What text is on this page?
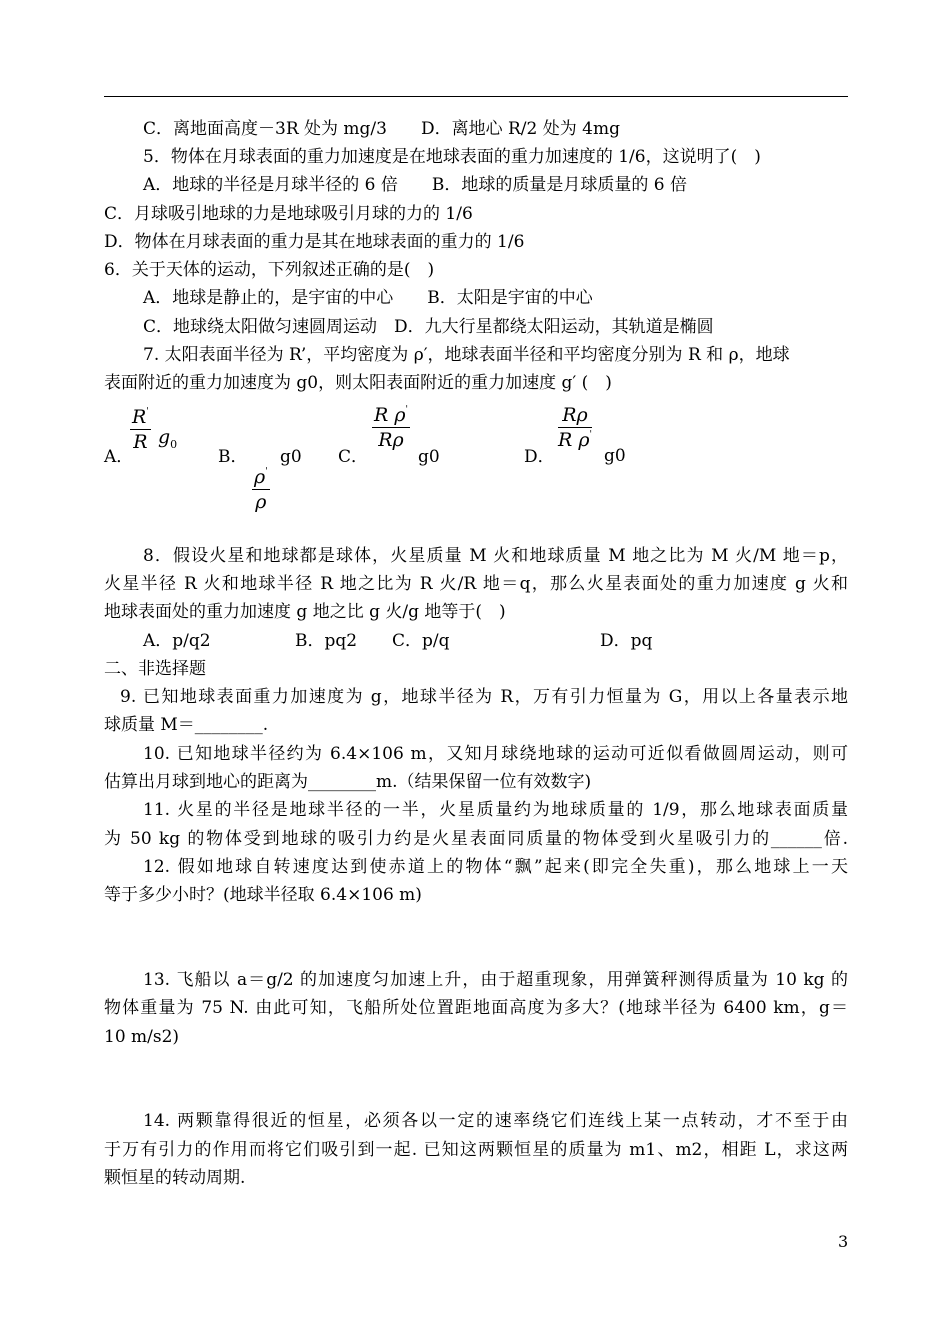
C．离地面高度－3R 处为 mg/3　　D．离地心 R/2 处为 4mg
5．物体在月球表面的重力加速度是在地球表面的重力加速度的 1/6，这说明了(　)
A．地球的半径是月球半径的 6 倍　　B．地球的质量是月球质量的 6 倍
C．月球吸引地球的力是地球吸引月球的力的 1/6
D．物体在月球表面的重力是其在地球表面的重力的 1/6
6．关于天体的运动，下列叙述正确的是(　)
A．地球是静止的，是宇宙的中心　　B．太阳是宇宙的中心
C．地球绕太阳做匀速圆周运动　D．九大行星都绕太阳运动，其轨道是椭圆
7. 太阳表面半径为 R’，平均密度为 ρ′，地球表面半径和平均密度分别为 R 和 ρ，地球
表面附近的重力加速度为 g0，则太阳表面附近的重力加速度 g′ (　)
A．
R'
R $g_0$
B． g0
ρ'
ρ
C．
R ρ'
Rρ
g0	D．
Rρ
R ρ'
g0
8．假设火星和地球都是球体，火星质量 M 火和地球质量 M 地之比为 M 火/M 地＝p，
火星半径 R 火和地球半径 R 地之比为 R 火/R 地＝q，那么火星表面处的重力加速度 g 火和
地球表面处的重力加速度 g 地之比 g 火/g 地等于(　)
A．p/q2	B．pq2 C．p/q	D．pq
二、非选择题
9. 已知地球表面重力加速度为 g，地球半径为 R，万有引力恒量为 G，用以上各量表示地
球质量 M＝________.
10. 已知地球半径约为 6.4×106 m，又知月球绕地球的运动可近似看做圆周运动，则可
估算出月球到地心的距离为________m.（结果保留一位有效数字)
11. 火星的半径是地球半径的一半，火星质量约为地球质量的 1/9，那么地球表面质量
为 50 kg 的物体受到地球的吸引力约是火星表面同质量的物体受到火星吸引力的______倍.
12. 假如地球自转速度达到使赤道上的物体“飘”起来(即完全失重)，那么地球上一天
等于多少小时？(地球半径取 6.4×106 m)
13. 飞船以 a＝g/2 的加速度匀加速上升，由于超重现象，用弹簧秤测得质量为 10 kg 的
物体重量为 75 N. 由此可知，飞船所处位置距地面高度为多大？(地球半径为 6400 km，g＝
10 m/s2)
14. 两颗靠得很近的恒星，必须各以一定的速率绕它们连线上某一点转动，才不至于由
于万有引力的作用而将它们吸引到一起. 已知这两颗恒星的质量为 m1、m2，相距 L，求这两
颗恒星的转动周期.
3
